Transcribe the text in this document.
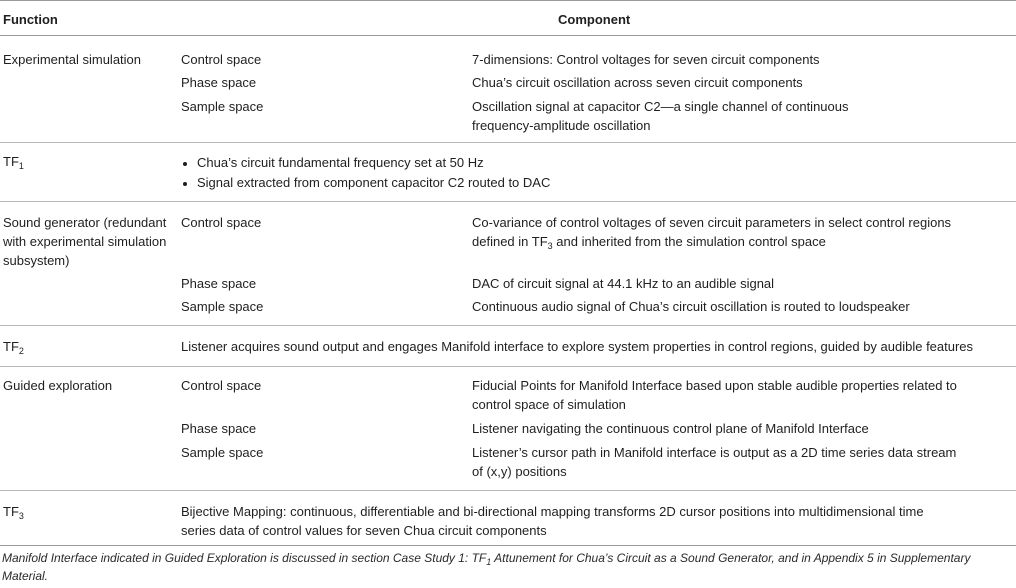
Function	Component
Experimental simulation	Control space	7-dimensions: Control voltages for seven circuit components
Phase space	Chua’s circuit oscillation across seven circuit components
Sample space	Oscillation signal at capacitor C2—a single channel of continuous
frequency-amplitude oscillation
$TF_1$	Chua’s circuit fundamental frequency set at 50 Hz
Signal extracted from component capacitor C2 routed to DAC
Sound generator (redundant
with experimental simulation
subsystem)
Control space	Co-variance of control voltages of seven circuit parameters in select control regions
defined in $TF_3$ and inherited from the simulation control space
Phase space	DAC of circuit signal at 44.1 kHz to an audible signal
Sample space	Continuous audio signal of Chua’s circuit oscillation is routed to loudspeaker
$TF_2$	Listener acquires sound output and engages Manifold interface to explore system properties in control regions, guided by audible features
Guided exploration	Control space	Fiducial Points for Manifold Interface based upon stable audible properties related to
control space of simulation
Phase space	Listener navigating the continuous control plane of Manifold Interface
Sample space	Listener’s cursor path in Manifold interface is output as a 2D time series data stream
of (x,y) positions
$TF_3$	Bijective Mapping: continuous, differentiable and bi-directional mapping transforms 2D cursor positions into multidimensional time
series data of control values for seven Chua circuit components
Manifold Interface indicated in Guided Exploration is discussed in section Case Study 1: $TF_1$ Attunement for Chua’s Circuit as a Sound Generator, and in Appendix 5 in Supplementary
Material.
